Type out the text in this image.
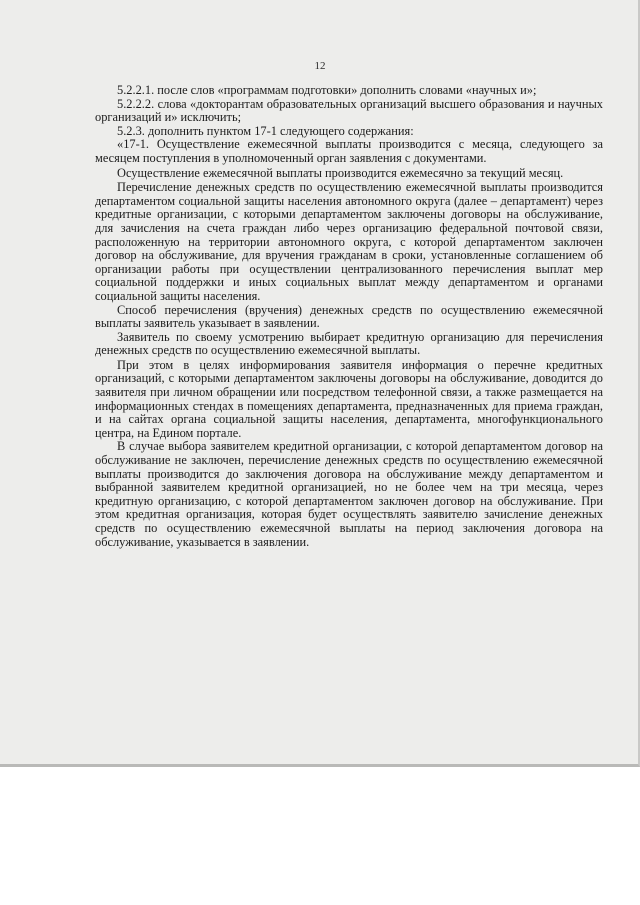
12

5.2.2.1. после слов «программам подготовки» дополнить словами «научных и»;

5.2.2.2. слова «докторантам образовательных организаций высшего образования и научных организаций и» исключить;

5.2.3. дополнить пунктом 17-1 следующего содержания:

«17-1. Осуществление ежемесячной выплаты производится с месяца, следующего за месяцем поступления в уполномоченный орган заявления с документами.

Осуществление ежемесячной выплаты производится ежемесячно за текущий месяц.

Перечисление денежных средств по осуществлению ежемесячной выплаты производится департаментом социальной защиты населения автономного округа (далее – департамент) через кредитные организации, с которыми департаментом заключены договоры на обслуживание, для зачисления на счета граждан либо через организацию федеральной почтовой связи, расположенную на территории автономного округа, с которой департаментом заключен договор на обслуживание, для вручения гражданам в сроки, установленные соглашением об организации работы при осуществлении централизованного перечисления выплат мер социальной поддержки и иных социальных выплат между департаментом и органами социальной защиты населения.

Способ перечисления (вручения) денежных средств по осуществлению ежемесячной выплаты заявитель указывает в заявлении.

Заявитель по своему усмотрению выбирает кредитную организацию для перечисления денежных средств по осуществлению ежемесячной выплаты.

При этом в целях информирования заявителя информация о перечне кредитных организаций, с которыми департаментом заключены договоры на обслуживание, доводится до заявителя при личном обращении или посредством телефонной связи, а также размещается на информационных стендах в помещениях департамента, предназначенных для приема граждан, и на сайтах органа социальной защиты населения, департамента, многофункционального центра, на Едином портале.

В случае выбора заявителем кредитной организации, с которой департаментом договор на обслуживание не заключен, перечисление денежных средств по осуществлению ежемесячной выплаты производится до заключения договора на обслуживание между департаментом и выбранной заявителем кредитной организацией, но не более чем на три месяца, через кредитную организацию, с которой департаментом заключен договор на обслуживание. При этом кредитная организация, которая будет осуществлять заявителю зачисление денежных средств по осуществлению ежемесячной выплаты на период заключения договора на обслуживание, указывается в заявлении.
